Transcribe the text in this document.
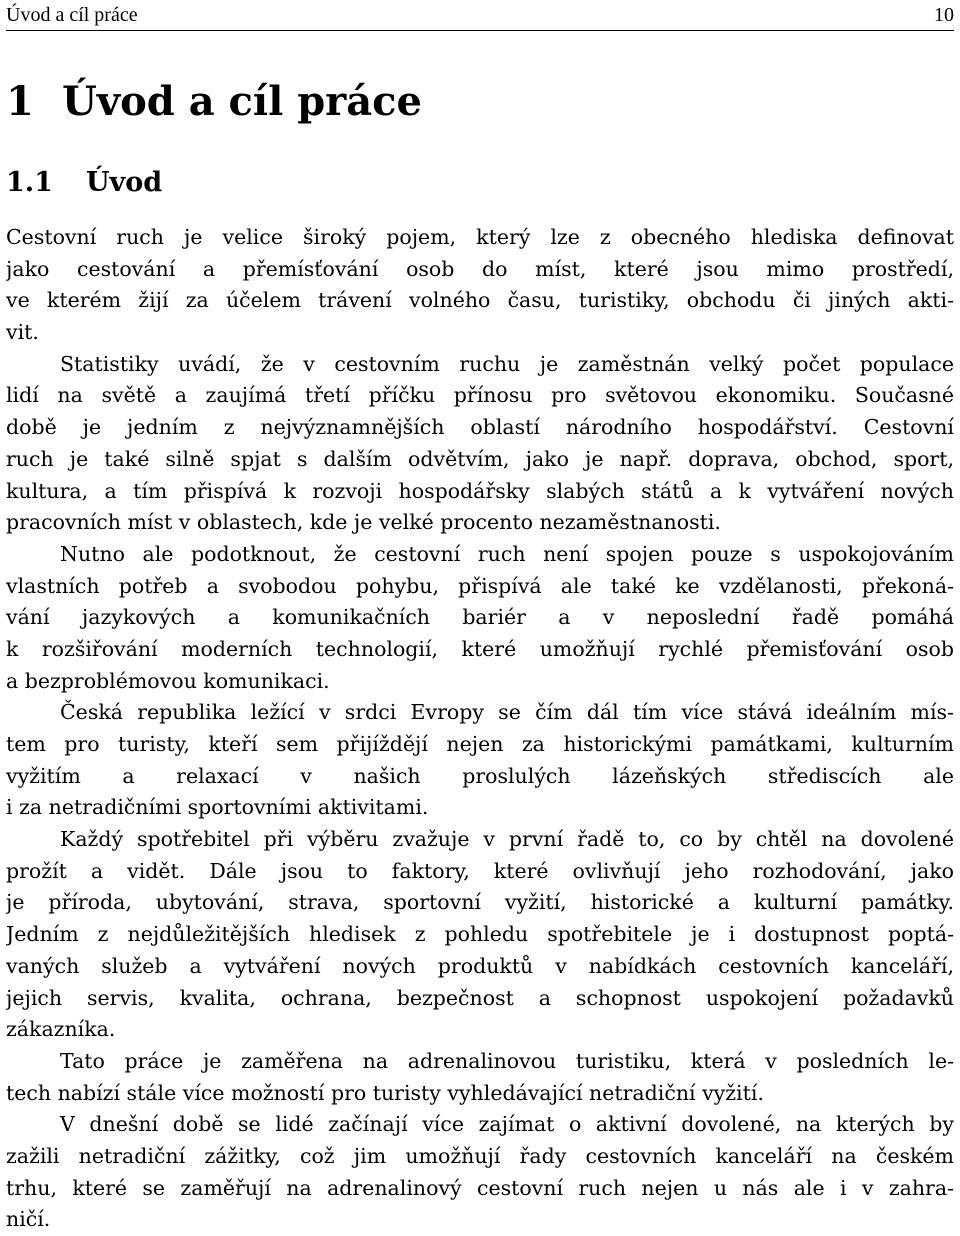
Úvod a cíl práce	10
1 Úvod a cíl práce
1.1 Úvod
Cestovní ruch je velice široký pojem, který lze z obecného hlediska definovat
jako cestování a přemísťování osob do míst, které jsou mimo prostředí,
ve kterém žijí za účelem trávení volného času, turistiky, obchodu či jiných akti-
vit.
Statistiky uvádí, že v cestovním ruchu je zaměstnán velký počet populace
lidí na světě a zaujímá třetí příčku přínosu pro světovou ekonomiku. Současné
době je jedním z nejvýznamnějších oblastí národního hospodářství. Cestovní
ruch je také silně spjat s dalším odvětvím, jako je např. doprava, obchod, sport,
kultura, a tím přispívá k rozvoji hospodářsky slabých států a k vytváření nových
pracovních míst v oblastech, kde je velké procento nezaměstnanosti.
Nutno ale podotknout, že cestovní ruch není spojen pouze s uspokojováním
vlastních potřeb a svobodou pohybu, přispívá ale také ke vzdělanosti, překoná-
vání jazykových a komunikačních bariér a v neposlední řadě pomáhá
k rozšiřování moderních technologií, které umožňují rychlé přemisťování osob
a bezproblémovou komunikaci.
Česká republika ležící v srdci Evropy se čím dál tím více stává ideálním mís-
tem pro turisty, kteří sem přijíždějí nejen za historickými památkami, kulturním
vyžitím a relaxací v našich proslulých lázeňských střediscích ale
i za netradičními sportovními aktivitami.
Každý spotřebitel při výběru zvažuje v první řadě to, co by chtěl na dovolené
prožít a vidět. Dále jsou to faktory, které ovlivňují jeho rozhodování, jako
je příroda, ubytování, strava, sportovní vyžití, historické a kulturní památky.
Jedním z nejdůležitějších hledisek z pohledu spotřebitele je i dostupnost poptá-
vaných služeb a vytváření nových produktů v nabídkách cestovních kanceláří,
jejich servis, kvalita, ochrana, bezpečnost a schopnost uspokojení požadavků
zákazníka.
Tato práce je zaměřena na adrenalinovou turistiku, která v posledních le-
tech nabízí stále více možností pro turisty vyhledávající netradiční vyžití.
V dnešní době se lidé začínají více zajímat o aktivní dovolené, na kterých by
zažili netradiční zážitky, což jim umožňují řady cestovních kanceláří na českém
trhu, které se zaměřují na adrenalinový cestovní ruch nejen u nás ale i v zahra-
ničí.
